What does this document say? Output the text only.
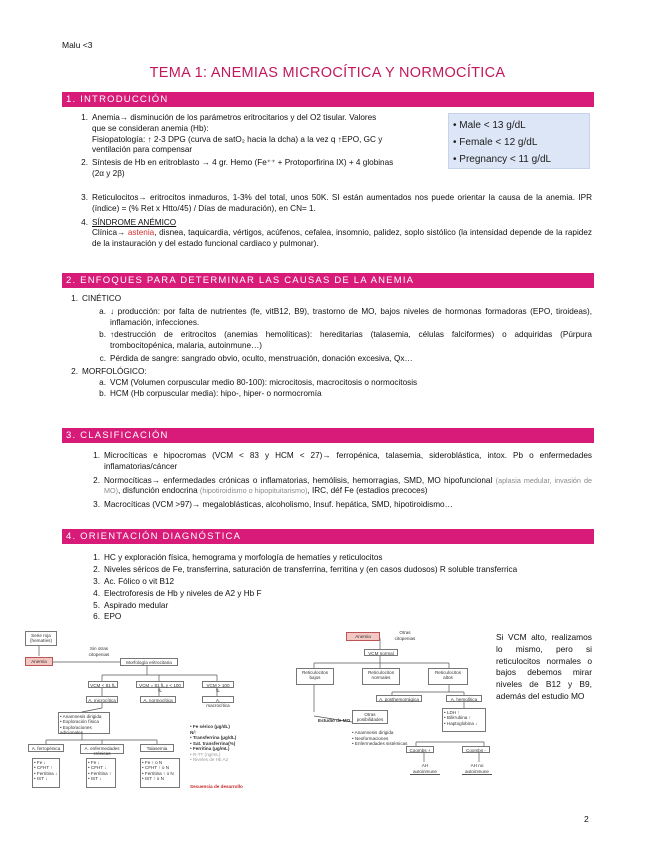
Malu <3
TEMA 1: ANEMIAS MICROCÍTICA Y NORMOCÍTICA
1. INTRODUCCIÓN
1. Anemia→ disminución de los parámetros eritrocitarios y del O2 tisular. Valores
que se consideran anemia (Hb):
Fisiopatología: ↑ 2-3 DPG (curva de satO₂ hacia la dcha) a la vez q ↑EPO, GC y
ventilación para compensar
2. Síntesis de Hb en eritroblasto → 4 gr. Hemo (Fe⁺⁺ + Protoporfirina IX) + 4 globinas
(2α y 2β)
• Male < 13 g/dL
• Female < 12 g/dL
• Pregnancy < 11 g/dL
3. Reticulocitos→ eritrocitos inmaduros, 1-3% del total, unos 50K. SI están aumentados nos puede orientar la causa de la anemia. IPR (índice) = (% Ret x Htto/45) / Días de maduración), en CN= 1.
4. SÍNDROME ANÉMICO
Clínica→ astenia, disnea, taquicardia, vértigos, acúfenos, cefalea, insomnio, palidez, soplo sistólico (la intensidad depende de la rapidez de la instauración y del estado funcional cardiaco y pulmonar).
2. ENFOQUES PARA DETERMINAR LAS CAUSAS DE LA ANEMIA
1. CINÉTICO
a. ↓ producción: por falta de nutrientes (fe, vitB12, B9), trastorno de MO, bajos niveles de hormonas formadoras (EPO, tiroideas), inflamación, infecciones.
b. ↑destrucción de eritrocitos (anemias hemolíticas): hereditarias (talasemia, células falciformes) o adquiridas (Púrpura trombocitopénica, malaria, autoinmune…)
c. Pérdida de sangre: sangrado obvio, oculto, menstruación, donación excesiva, Qx…
2. MORFOLÓGICO:
a. VCM (Volumen corpuscular medio 80-100): microcitosis, macrocitosis o normocitosis
b. HCM (Hb corpuscular media): hipo-, hiper- o normocromía
3. CLASIFICACIÓN
1. Microcíticas e hipocromas (VCM < 83 y HCM < 27)→ ferropénica, talasemia, sideroblástica, intox. Pb o enfermedades inflamatorias/cáncer
2. Normocíticas→ enfermedades crónicas o inflamatorias, hemólisis, hemorragias, SMD, MO hipofuncional (aplasia medular, invasión de MO), disfunción endocrina (hipotiroidismo o hipopituitarismo), IRC, déf Fe (estadios precoces)
3. Macrocíticas (VCM >97)→ megaloblásticas, alcoholismo, Insuf. hepática, SMD, hipotiroidismo…
4. ORIENTACIÓN DIAGNÓSTICA
1. HC y exploración física, hemograma y morfología de hematíes y reticulocitos
2. Niveles séricos de Fe, transferrina, saturación de transferrina, ferritina y (en casos dudosos) R soluble transferrica
3. Ac. Fólico o vit B12
4. Electroforesis de Hb y niveles de A2 y Hb F
5. Aspirado medular
6. EPO
Serie roja (hematíes)
Anemia
Sin otras citopenias
Morfología eritrocitaria
VCM < 81 fL	VCM = 81 fL y < 100 fL
VCM > 100 fL
A. microcítica	A. normocítica	A. macrocítica
• Anamnesis dirigida
• Exploración física
• Exploraciones adicionales
A. ferropénica	A. enfermedades crónicas
Talasemia
• Fe ↓
• CFHT ↑
• Ferritina ↓
• IST ↓
• Fe ↓
• CFHT ↓
• Ferritina ↑
• IST ↓
• Fe ↑ o N
• CFHT ↑ o N
• Ferritina ↑ o N
• IST ↑ o N
• Fe sérico (μg/dL)
N/↑
• Transferrina (μg/dL)
• Sat. transferrina(%)
• Ferritina (μg/mL)
• R-TT (ng/mL)
• Niveles de Hb A2
Secuencia de desarrollo
Anemia
Otras citopenias
VCM normal
Reticulocitos bajos
Reticulocitos normales
Reticulocitos altos
A. posthemorrágica	A. hemolítica
Estudio de MO
Otras posibilidades
• Anamnesis dirigida
• Neoformaciones
• Enfermedades sistémicas
• LDH ↑
• Bilirrubina ↑
• Haptoglobina ↓
Coombs +	Coombs -
AH autoinmune
AH no autoinmune
Si VCM alto, realizamos lo mismo, pero si reticulocitos normales o bajos debemos mirar niveles de B12 y B9, además del estudio MO
2
